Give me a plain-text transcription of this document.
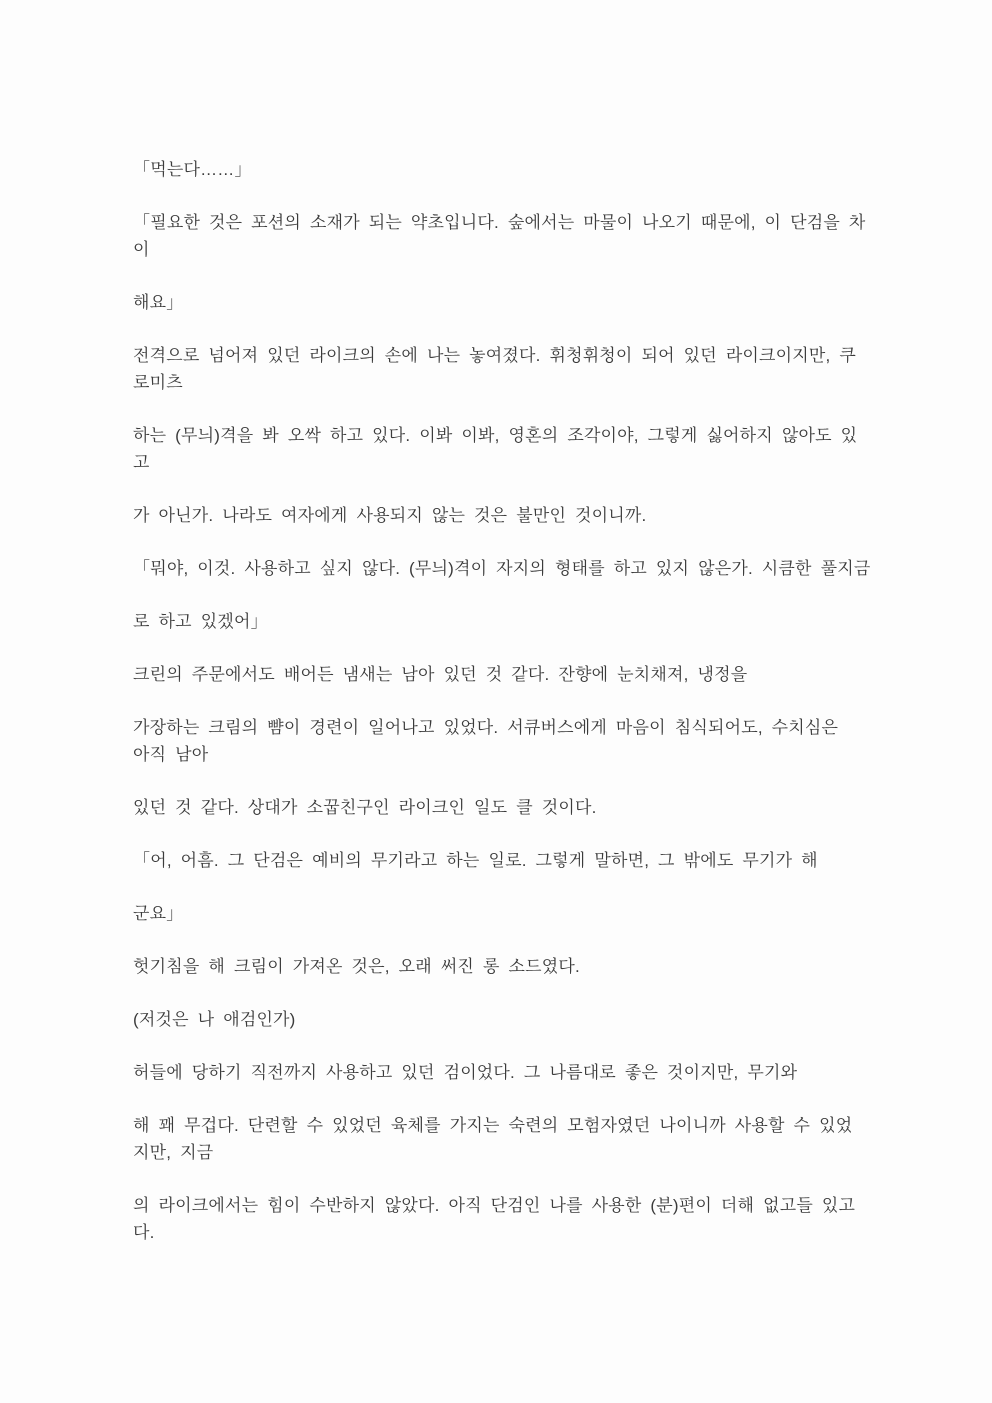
「먹는다……」
「필요한 것은 포션의 소재가 되는 약초입니다. 숲에서는 마물이 나오기 때문에, 이 단검을 차
이
해요」
전격으로 넘어져 있던 라이크의 손에 나는 놓여졌다. 휘청휘청이 되어 있던 라이크이지만, 쿠
로미츠
하는 (무늬)격을 봐 오싹 하고 있다. 이봐 이봐, 영혼의 조각이야, 그렇게 싫어하지 않아도 있
고
가 아닌가. 나라도 여자에게 사용되지 않는 것은 불만인 것이니까.
「뭐야, 이것. 사용하고 싶지 않다. (무늬)격이 자지의 형태를 하고 있지 않은가. 시큼한 풀지금
로 하고 있겠어」
크린의 주문에서도 배어든 냄새는 남아 있던 것 같다. 잔향에 눈치채져, 냉정을
가장하는 크림의 뺨이 경련이 일어나고 있었다. 서큐버스에게 마음이 침식되어도, 수치심은
아직 남아
있던 것 같다. 상대가 소꿉친구인 라이크인 일도 클 것이다.
「어, 어흠. 그 단검은 예비의 무기라고 하는 일로. 그렇게 말하면, 그 밖에도 무기가 해
군요」
헛기침을 해 크림이 가져온 것은, 오래 써진 롱 소드였다.
(저것은 나 애검인가)
허들에 당하기 직전까지 사용하고 있던 검이었다. 그 나름대로 좋은 것이지만, 무기와
해 꽤 무겁다. 단련할 수 있었던 육체를 가지는 숙련의 모험자였던 나이니까 사용할 수 있었
지만, 지금
의 라이크에서는 힘이 수반하지 않았다. 아직 단검인 나를 사용한 (분)편이 더해 없고들 있고
다.
